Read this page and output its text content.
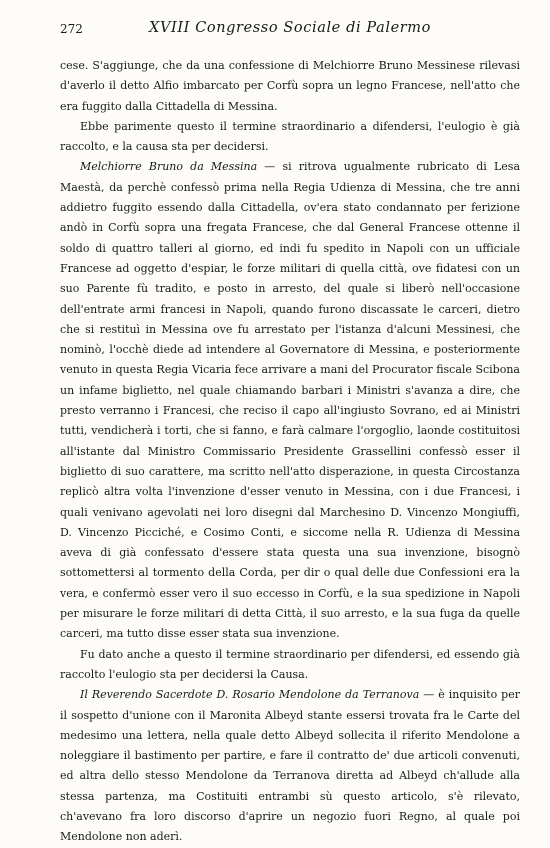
272	XVIII Congresso Sociale di Palermo

cese. S'aggiunge, che da una confessione di Melchiorre Bruno Messinese rilevasi d'averlo il detto Alfio imbarcato per Corfù sopra un legno Francese, nell'atto che era fuggito dalla Cittadella di Messina.

Ebbe parimente questo il termine straordinario a difendersi, l'eulogio è già raccolto, e la causa sta per decidersi.

Melchiorre Bruno da Messina — si ritrova ugualmente rubricato di Lesa Maestà, da perchè confessò prima nella Regia Udienza di Messina, che tre anni addietro fuggito essendo dalla Cittadella, ov'era stato condannato per ferizione andò in Corfù sopra una fregata Francese, che dal General Francese ottenne il soldo di quattro talleri al giorno, ed indi fu spedito in Napoli con un ufficiale Francese ad oggetto d'espiar, le forze militari di quella città, ove fidatesi con un suo Parente fù tradito, e posto in arresto, del quale si liberò nell'occasione dell'entrate armi francesi in Napoli, quando furono discassate le carceri, dietro che si restituì in Messina ove fu arrestato per l'istanza d'alcuni Messinesi, che nominò, l'occhè diede ad intendere al Governatore di Messina, e posteriormente venuto in questa Regia Vicaria fece arrivare a mani del Procurator fiscale Scibona un infame biglietto, nel quale chiamando barbari i Ministri s'avanza a dire, che presto verranno i Francesi, che reciso il capo all'ingiusto Sovrano, ed ai Ministri tutti, vendicherà i torti, che si fanno, e farà calmare l'orgoglio, laonde costituitosi all'istante dal Ministro Commissario Presidente Grassellini confessò esser il biglietto di suo carattere, ma scritto nell'atto disperazione, in questa Circostanza replicò altra volta l'invenzione d'esser venuto in Messina, con i due Francesi, i quali venivano agevolati nei loro disegni dal Marchesino D. Vincenzo Mongiuffi, D. Vincenzo Picciché, e Cosimo Conti, e siccome nella R. Udienza di Messina aveva di già confessato d'essere stata questa una sua invenzione, bisognò sottomettersi al tormento della Corda, per dir o qual delle due Confessioni era la vera, e confermò esser vero il suo eccesso in Corfù, e la sua spedizione in Napoli per misurare le forze militari di detta Città, il suo arresto, e la sua fuga da quelle carceri, ma tutto disse esser stata sua invenzione.

Fu dato anche a questo il termine straordinario per difendersi, ed essendo già raccolto l'eulogio sta per decidersi la Causa.

Il Reverendo Sacerdote D. Rosario Mendolone da Terranova — è inquisito per il sospetto d'unione con il Maronita Albeyd stante essersi trovata fra le Carte del medesimo una lettera, nella quale detto Albeyd sollecita il riferito Mendolone a noleggiare il bastimento per partire, e fare il contratto de' due articoli convenuti, ed altra dello stesso Mendolone da Terranova diretta ad Albeyd ch'allude alla stessa partenza, ma Costituiti entrambi sù questo articolo, s'è rilevato, ch'avevano fra loro discorso d'aprire un negozio fuori Regno, al quale poi Mendolone non aderì.
